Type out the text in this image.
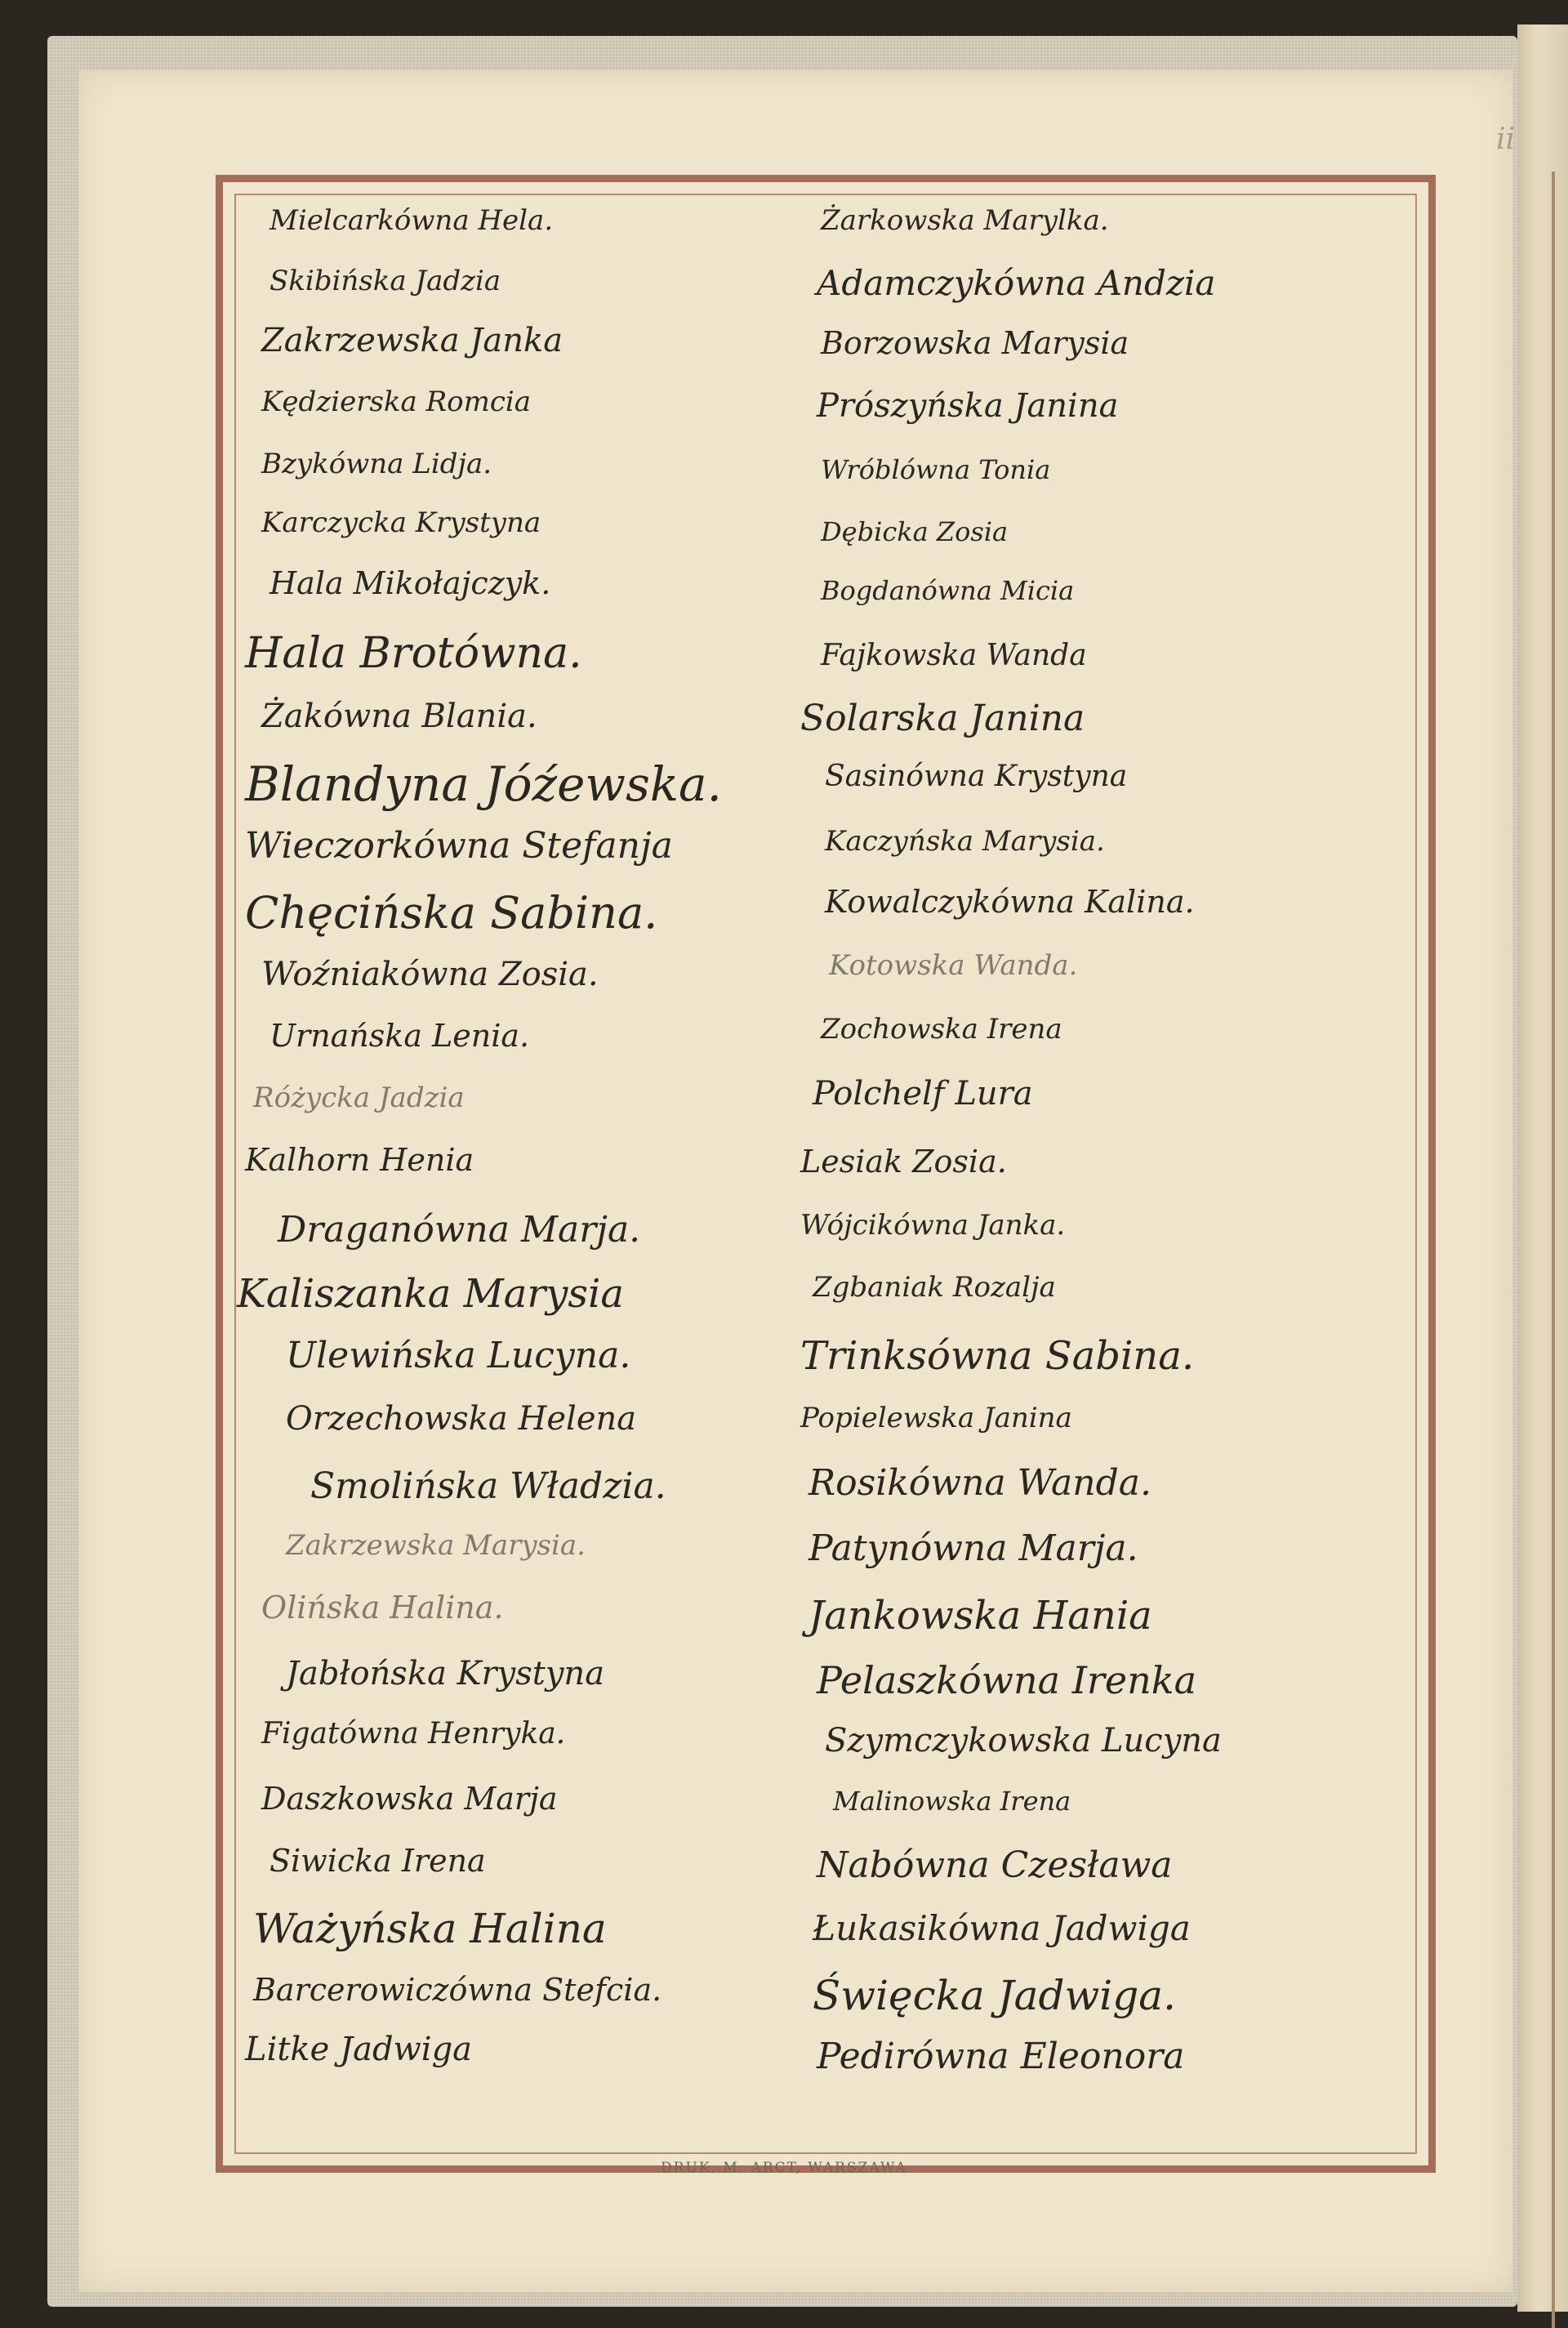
ii
Mielcarkówna Hela.
Skibińska Jadzia
Zakrzewska Janka
Kędzierska Romcia
Bzykówna Lidja.
Karczycka Krystyna
Hala Mikołajczyk.
Hala Brotówna.
Żakówna Blania.
Blandyna Jóźewska.
Wieczorkówna Stefanja
Chęcińska Sabina.
Woźniakówna Zosia.
Urnańska Lenia.
Różycka Jadzia
Kalhorn Henia
Draganówna Marja.
Kaliszanka Marysia
Ulewińska Lucyna.
Orzechowska Helena
Smolińska Władzia.
Zakrzewska Marysia.
Olińska Halina.
Jabłońska Krystyna
Figatówna Henryka.
Daszkowska Marja
Siwicka Irena
Ważyńska Halina
Barcerowiczówna Stefcia.
Litke Jadwiga
Żarkowska Marylka.
Adamczykówna Andzia
Borzowska Marysia
Prószyńska Janina
Wróblówna Tonia
Dębicka Zosia
Bogdanówna Micia
Fajkowska Wanda
Solarska Janina
Sasinówna Krystyna
Kaczyńska Marysia.
Kowalczykówna Kalina.
Kotowska Wanda.
Zochowska Irena
Polchelf Lura
Lesiak Zosia.
Wójcikówna Janka.
Zgbaniak Rozalja
Trinksówna Sabina.
Popielewska Janina
Rosikówna Wanda.
Patynówna Marja.
Jankowska Hania
Pelaszkówna Irenka
Szymczykowska Lucyna
Malinowska Irena
Nabówna Czesława
Łukasikówna Jadwiga
Święcka Jadwiga.
Pedirówna Eleonora
DRUK. M. ARCT, WARSZAWA
